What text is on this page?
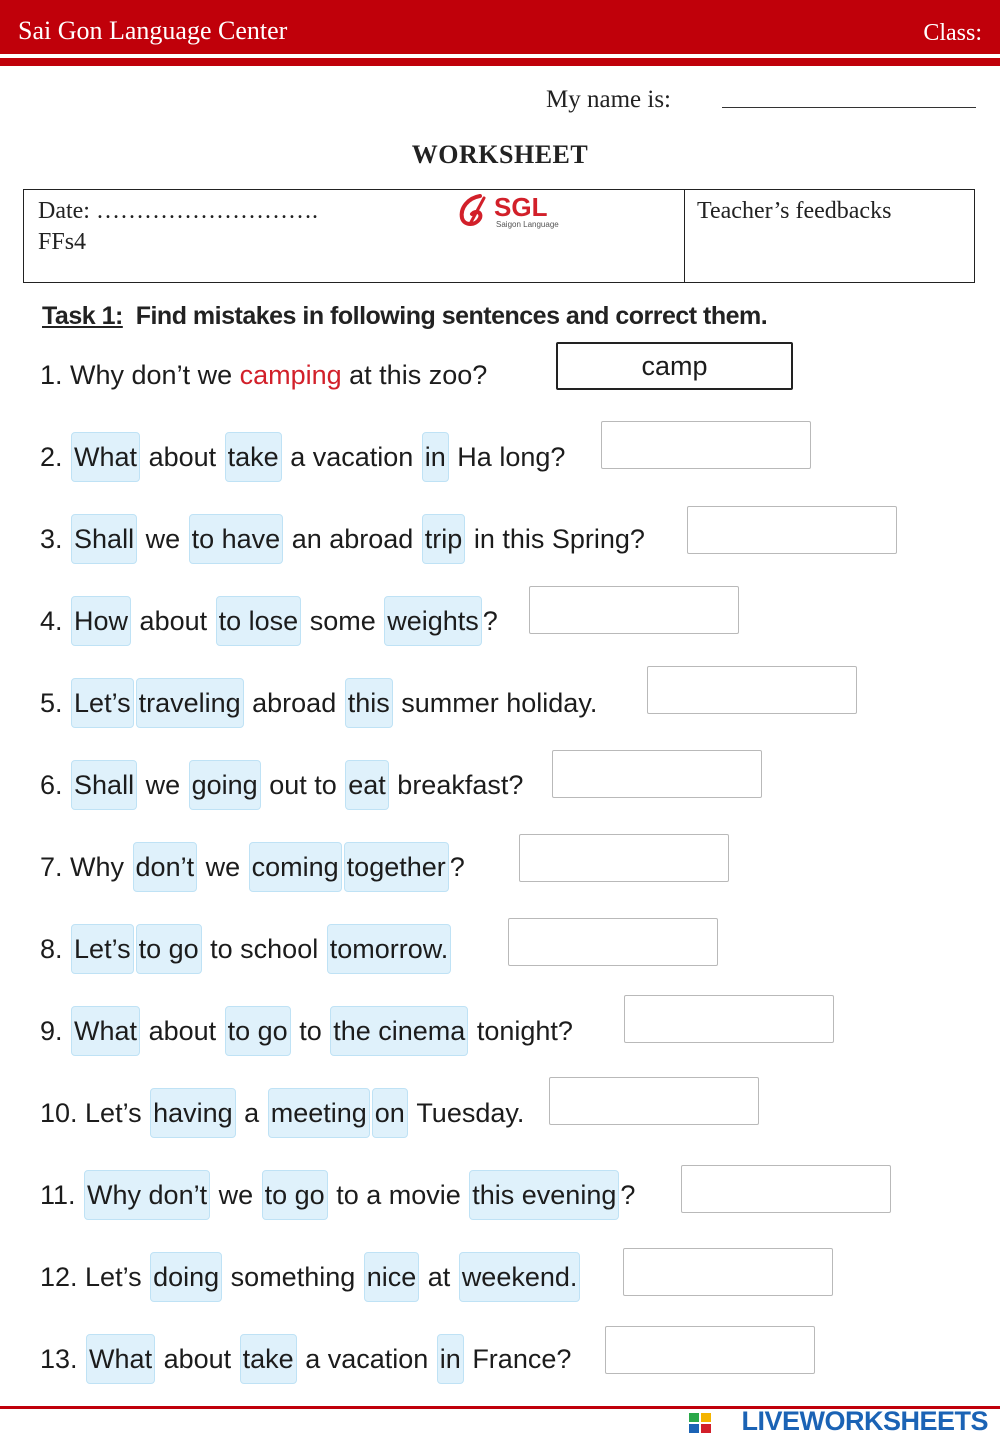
Sai Gon Language Center	Class:
My name is:
WORKSHEET
Date: ……………………….
FFs4
SGL
Saigon Language
Teacher’s feedbacks
Task 1: Find mistakes in following sentences and correct them.
1. Why don’t we camping at this zoo?	camp
2. What about take a vacation in Ha long?
3. Shall we to have an abroad trip in this Spring?
4. How about to lose some weights ?
5. Let’s traveling abroad this summer holiday.
6. Shall we going out to eat breakfast?
7. Why don’t we coming together ?
8. Let’s to go to school tomorrow.
9. What about to go to the cinema tonight?
10. Let’s having a meeting on Tuesday.
11. Why don’t we to go to a movie this evening ?
12. Let’s doing something nice at weekend.
13. What about take a vacation in France?
LIVEWORKSHEETS
